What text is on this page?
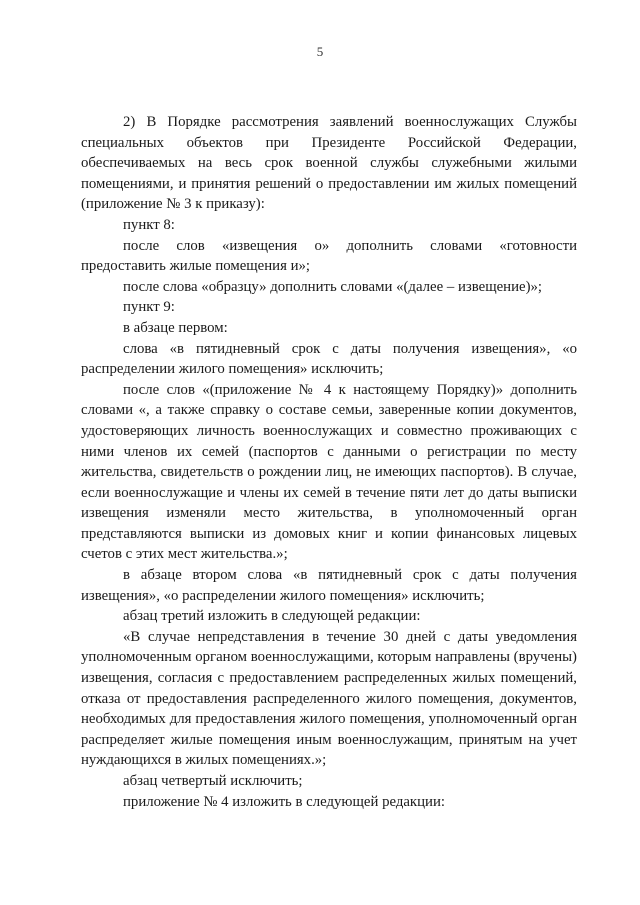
5

2) В Порядке рассмотрения заявлений военнослужащих Службы специальных объектов при Президенте Российской Федерации, обеспечиваемых на весь срок военной службы служебными жилыми помещениями, и принятия решений о предоставлении им жилых помещений (приложение № 3 к приказу):

пункт 8:

после слов «извещения о» дополнить словами «готовности предоставить жилые помещения и»;

после слова «образцу» дополнить словами «(далее – извещение)»;

пункт 9:

в абзаце первом:

слова «в пятидневный срок с даты получения извещения», «о распределении жилого помещения» исключить;

после слов «(приложение № 4 к настоящему Порядку)» дополнить словами «, а также справку о составе семьи, заверенные копии документов, удостоверяющих личность военнослужащих и совместно проживающих с ними членов их семей (паспортов с данными о регистрации по месту жительства, свидетельств о рождении лиц, не имеющих паспортов). В случае, если военнослужащие и члены их семей в течение пяти лет до даты выписки извещения изменяли место жительства, в уполномоченный орган представляются выписки из домовых книг и копии финансовых лицевых счетов с этих мест жительства.»;

в абзаце втором слова «в пятидневный срок с даты получения извещения», «о распределении жилого помещения» исключить;

абзац третий изложить в следующей редакции:

«В случае непредставления в течение 30 дней с даты уведомления уполномоченным органом военнослужащими, которым направлены (вручены) извещения, согласия с предоставлением распределенных жилых помещений, отказа от предоставления распределенного жилого помещения, документов, необходимых для предоставления жилого помещения, уполномоченный орган распределяет жилые помещения иным военнослужащим, принятым на учет нуждающихся в жилых помещениях.»;

абзац четвертый исключить;

приложение № 4 изложить в следующей редакции:
